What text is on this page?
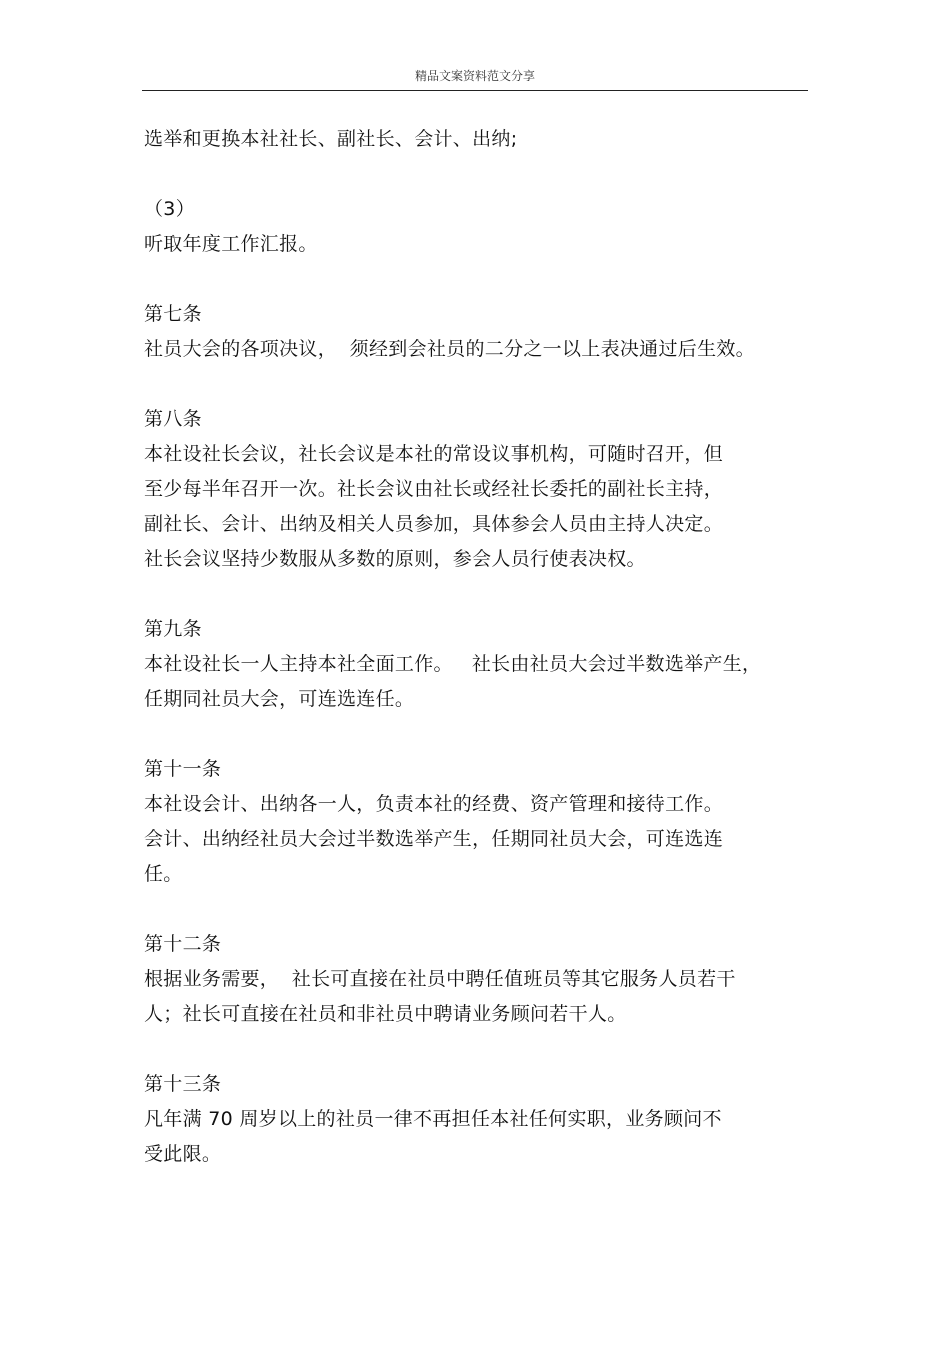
精品文案资料范文分享
选举和更换本社社长、副社长、会计、出纳;
（3）
听取年度工作汇报。
第七条
社员大会的各项决议，  须经到会社员的二分之一以上表决通过后生效。
第八条
本社设社长会议，社长会议是本社的常设议事机构，可随时召开，但
至少每半年召开一次。社长会议由社长或经社长委托的副社长主持，
副社长、会计、出纳及相关人员参加，具体参会人员由主持人决定。
社长会议坚持少数服从多数的原则，参会人员行使表决权。
第九条
本社设社长一人主持本社全面工作。   社长由社员大会过半数选举产生，
任期同社员大会，可连选连任。
第十一条
本社设会计、出纳各一人，负责本社的经费、资产管理和接待工作。
会计、出纳经社员大会过半数选举产生，任期同社员大会，可连选连
任。
第十二条
根据业务需要，  社长可直接在社员中聘任值班员等其它服务人员若干
人；社长可直接在社员和非社员中聘请业务顾问若干人。
第十三条
凡年满 70 周岁以上的社员一律不再担任本社任何实职，业务顾问不
受此限。
